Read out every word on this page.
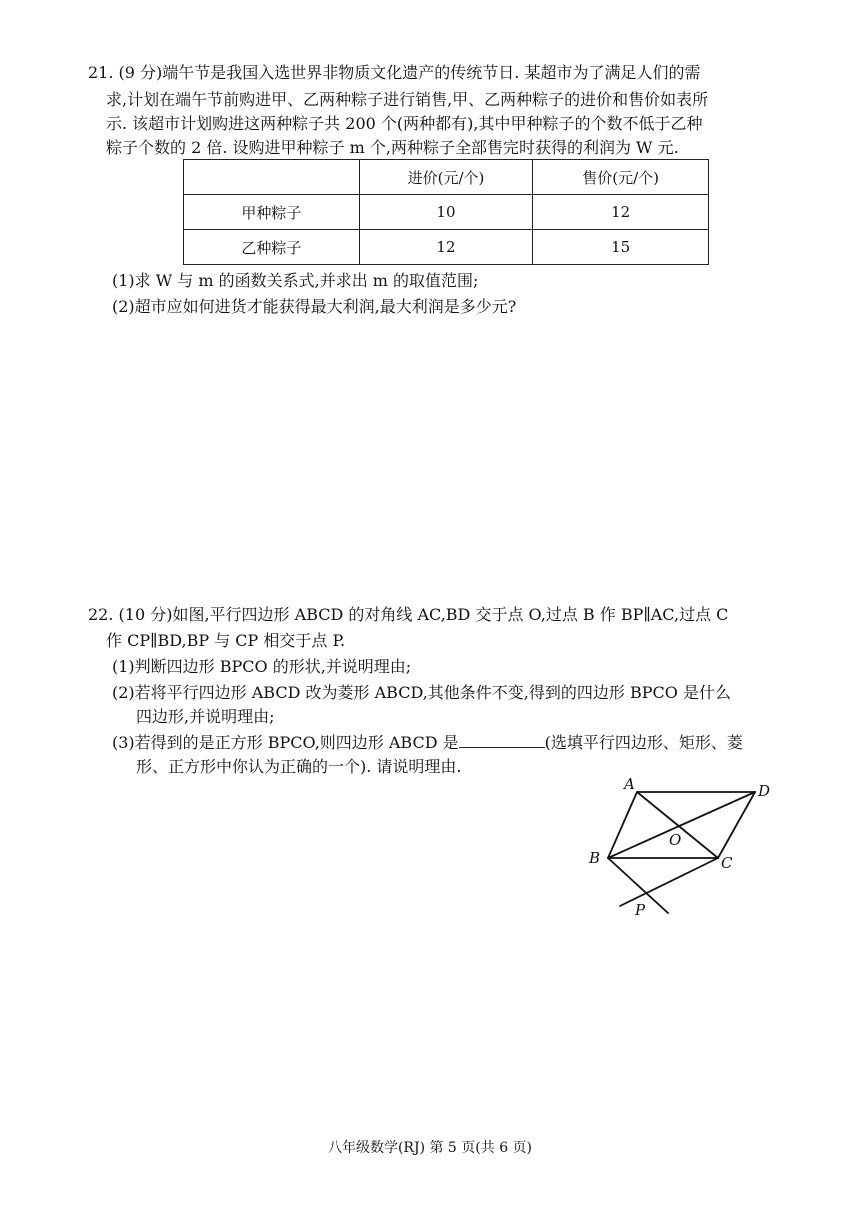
21. (9 分)端午节是我国入选世界非物质文化遗产的传统节日. 某超市为了满足人们的需
求,计划在端午节前购进甲、乙两种粽子进行销售,甲、乙两种粽子的进价和售价如表所
示. 该超市计划购进这两种粽子共 200 个(两种都有),其中甲种粽子的个数不低于乙种
粽子个数的 2 倍. 设购进甲种粽子 m 个,两种粽子全部售完时获得的利润为 W 元.
	进价(元/个)	售价(元/个)
甲种粽子	10	12
乙种粽子	12	15
(1)求 W 与 m 的函数关系式,并求出 m 的取值范围;
(2)超市应如何进货才能获得最大利润,最大利润是多少元?
22. (10 分)如图,平行四边形 ABCD 的对角线 AC,BD 交于点 O,过点 B 作 BP∥AC,过点 C
作 CP∥BD,BP 与 CP 相交于点 P.
(1)判断四边形 BPCO 的形状,并说明理由;
(2)若将平行四边形 ABCD 改为菱形 ABCD,其他条件不变,得到的四边形 BPCO 是什么
四边形,并说明理由;
(3)若得到的是正方形 BPCO,则四边形 ABCD 是	(选填平行四边形、矩形、菱
形、正方形中你认为正确的一个). 请说明理由.
A	D
B	C
O
P
八年级数学(RJ) 第 5 页(共 6 页)
